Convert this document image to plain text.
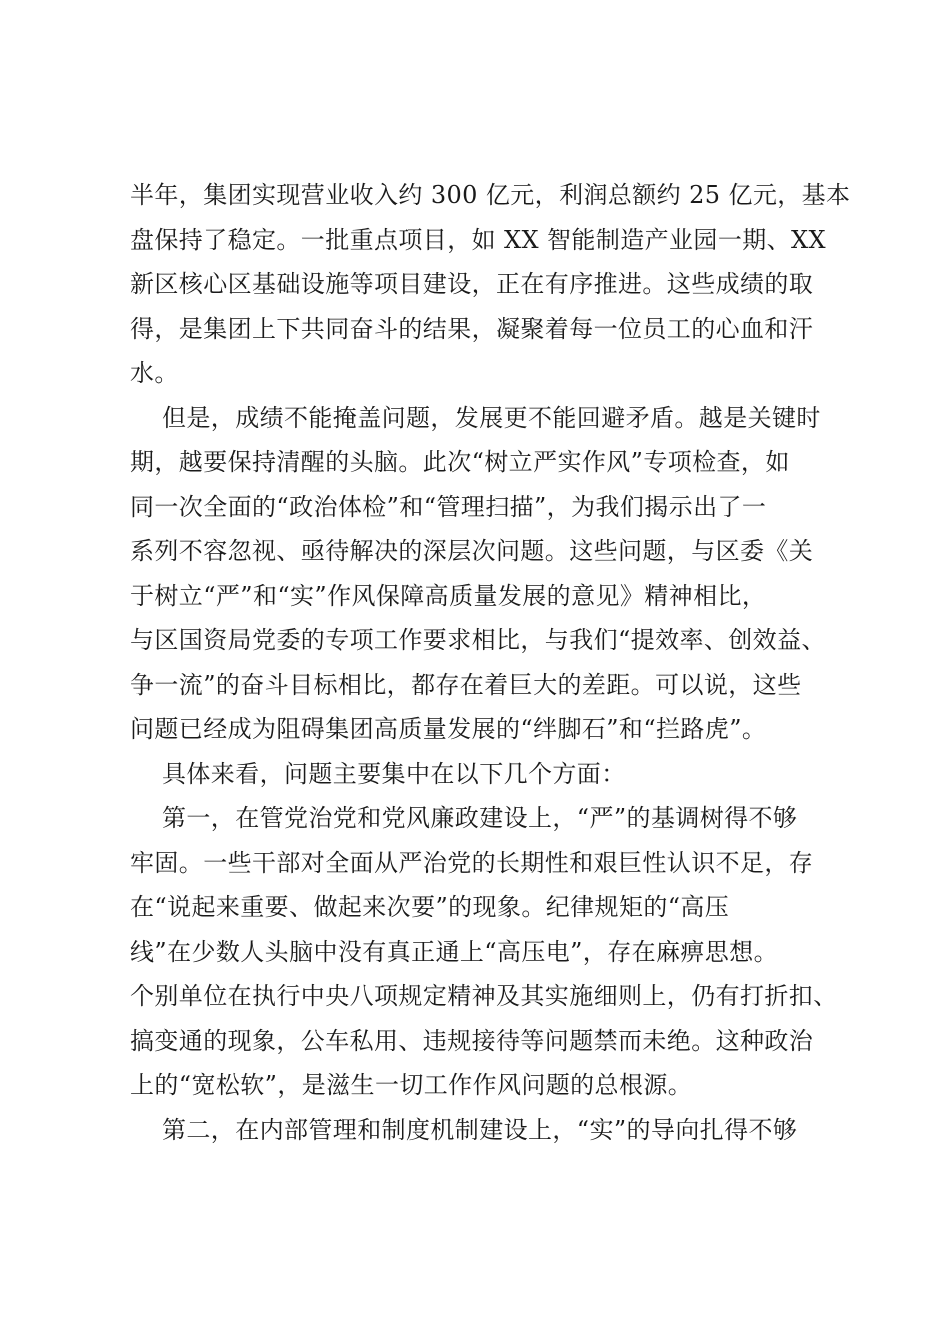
半年，集团实现营业收入约 300 亿元，利润总额约 25 亿元，基本
盘保持了稳定。一批重点项目，如 XX 智能制造产业园一期、XX
新区核心区基础设施等项目建设，正在有序推进。这些成绩的取
得，是集团上下共同奋斗的结果，凝聚着每一位员工的心血和汗
水。
但是，成绩不能掩盖问题，发展更不能回避矛盾。越是关键时
期，越要保持清醒的头脑。此次“树立严实作风”专项检查，如
同一次全面的“政治体检”和“管理扫描”，为我们揭示出了一
系列不容忽视、亟待解决的深层次问题。这些问题，与区委《关
于树立“严”和“实”作风保障高质量发展的意见》精神相比，
与区国资局党委的专项工作要求相比，与我们“提效率、创效益、
争一流”的奋斗目标相比，都存在着巨大的差距。可以说，这些
问题已经成为阻碍集团高质量发展的“绊脚石”和“拦路虎”。
具体来看，问题主要集中在以下几个方面：
第一，在管党治党和党风廉政建设上，“严”的基调树得不够
牢固。一些干部对全面从严治党的长期性和艰巨性认识不足，存
在“说起来重要、做起来次要”的现象。纪律规矩的“高压
线”在少数人头脑中没有真正通上“高压电”，存在麻痹思想。
个别单位在执行中央八项规定精神及其实施细则上，仍有打折扣、
搞变通的现象，公车私用、违规接待等问题禁而未绝。这种政治
上的“宽松软”，是滋生一切工作作风问题的总根源。
第二，在内部管理和制度机制建设上，“实”的导向扎得不够
